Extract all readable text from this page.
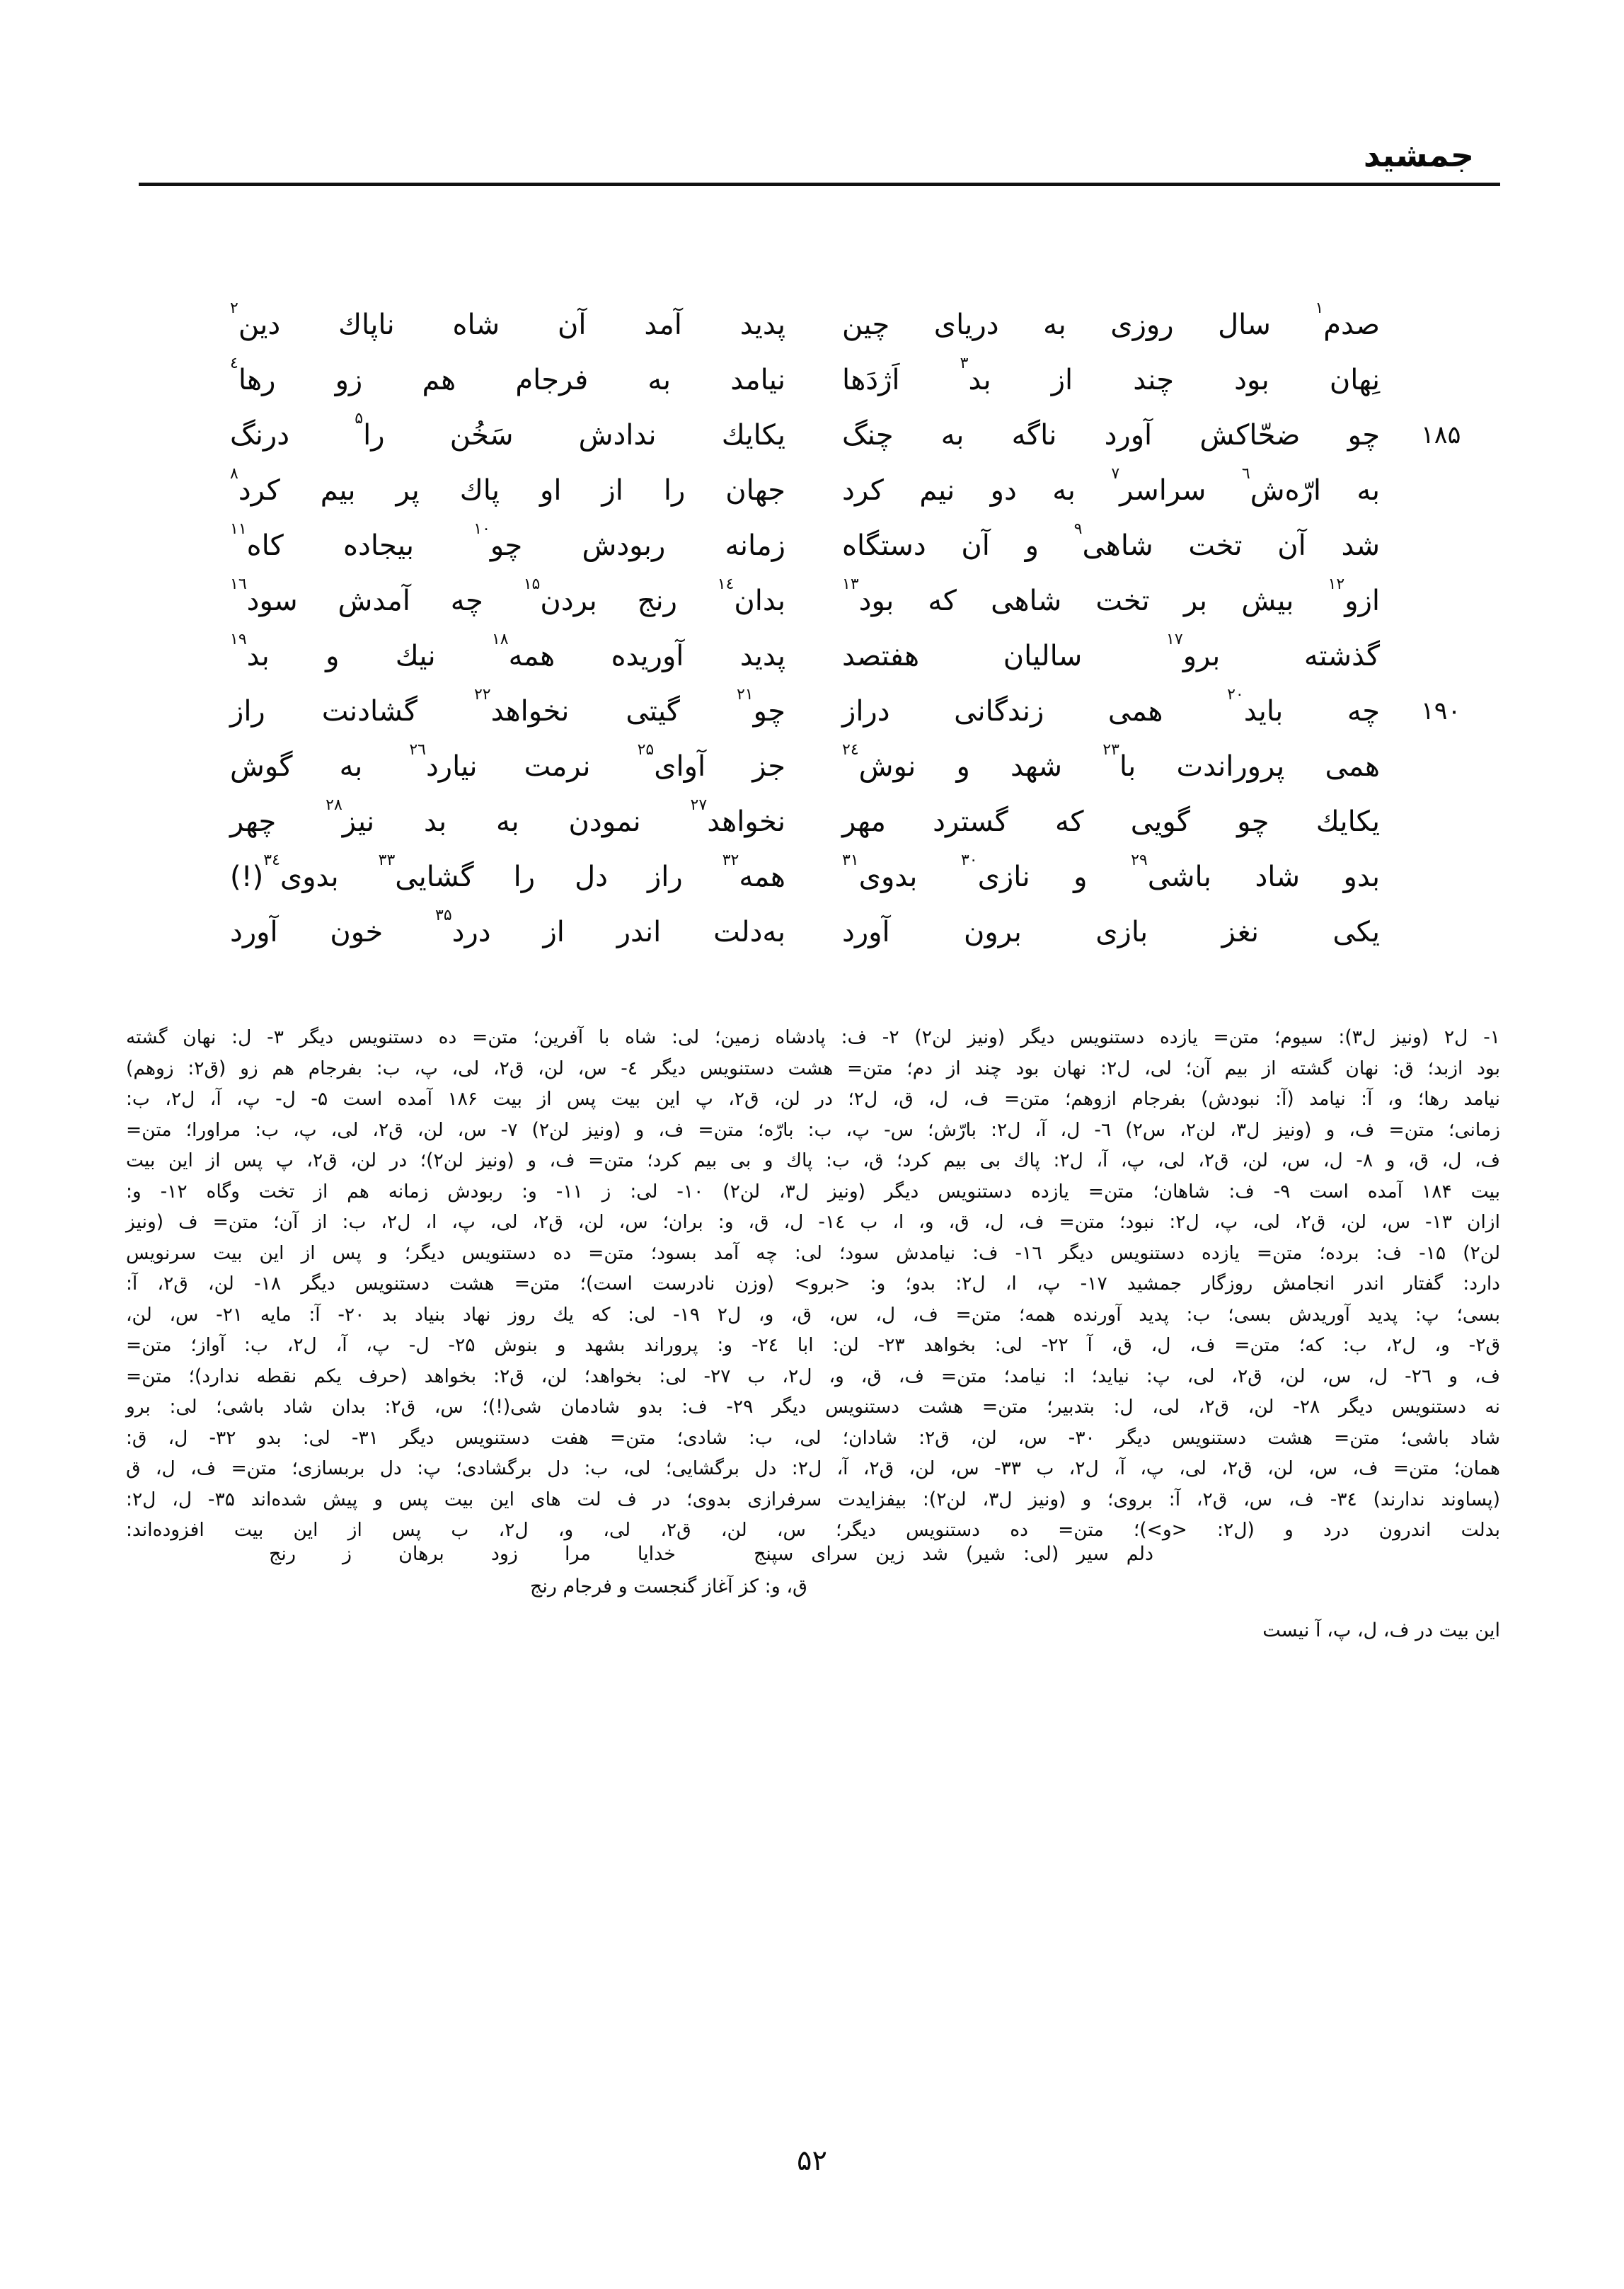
جمشید
صدم$^۱$ سال روزی به دریای چین
پدید آمد آن شاه ناپاك دین$^۲$
نِهان بود چند از بد$^۳$ اَژدَها
نیامد به فرجام هم زو رها$^٤$
۱۸۵
چو ضحّاکش آورد ناگه به چنگ
یکایك ندادش سَخُن را$^۵$ درنگ
به ارّه‌ش$^٦$ سراسر$^۷$ به دو نیم کرد
جهان را از او پاك پر بیم کرد$^۸$
شد آن تخت شاهی$^۹$ و آن دستگاه
زمانه ربودش چو$^{۱۰}$ بیجاده کاه$^{۱۱}$
ازو$^{۱۲}$ بیش بر تخت شاهی که بود$^{۱۳}$
بدان$^{۱٤}$ رنج بردن$^{۱۵}$ چه آمدش سود$^{۱٦}$
گذشته برو$^{۱۷}$ سالیان هفتصد
پدید آوریده همه$^{۱۸}$ نیك و بد$^{۱۹}$
۱۹۰
چه باید$^{۲۰}$ همی زندگانی دراز
چو$^{۲۱}$ گیتی نخواهد$^{۲۲}$ گشادنت راز
همی پروراندت با$^{۲۳}$ شهد و نوش$^{۲٤}$
جز آوای$^{۲۵}$ نرمت نیارد$^{۲٦}$ به گوش
یکایك چو گویی که گسترد مهر
نخواهد$^{۲۷}$ نمودن به بد نیز$^{۲۸}$ چهر
بدو شاد باشی$^{۲۹}$ و نازی$^{۳۰}$ بدوی$^{۳۱}$
همه$^{۳۲}$ راز دل را گشایی$^{۳۳}$ بدوی$^{۳٤}$(!)
یکی نغز بازی برون آورد
به‌دلت اندر از درد$^{۳۵}$ خون آورد
۱- ل۲ (ونیز ل۳): سیوم؛ متن= یازده دستنویس دیگر (ونیز لن۲) ۲- ف: پادشاه زمین؛ لی: شاه با آفرین؛ متن= ده دستنویس دیگر ۳- ل: نهان گشته
بود ازبد؛ ق: نهان گشته از بیم آن؛ لی، ل۲: نهان بود چند از دم؛ متن= هشت دستنویس دیگر ٤- س، لن، ق۲، لی، پ، ب: بفرجام هم زو (ق۲: زوهم)
نیامد رها؛ و، آ: نیامد (آ: نبودش) بفرجام ازوهم؛ متن= ف، ل، ق، ل۲؛ در لن، ق۲، پ این بیت پس از بیت ۱۸۶ آمده است ۵- ل- پ، آ، ل۲، ب:
زمانی؛ متن= ف، و (ونیز ل۳، لن۲، س۲) ٦- ل، آ، ل۲: بارّش؛ س- پ، ب: بارّه؛ متن= ف، و (ونیز لن۲) ۷- س، لن، ق۲، لی، پ، ب: مراورا؛ متن=
ف، ل، ق، و ۸- ل، س، لن، ق۲، لی، پ، آ، ل۲: پاك بی بیم کرد؛ ق، ب: پاك و بی بیم کرد؛ متن= ف، و (ونیز لن۲)؛ در لن، ق۲، پ پس از این بیت
بیت ۱۸۴ آمده است ۹- ف: شاهان؛ متن= یازده دستنویس دیگر (ونیز ل۳، لن۲) ۱۰- لی: ز ۱۱- و: ربودش زمانه هم از تخت وگاه ۱۲- و:
ازان ۱۳- س، لن، ق۲، لی، پ، ل۲: نبود؛ متن= ف، ل، ق، و، ا، ب ۱٤- ل، ق، و: بران؛ س، لن، ق۲، لی، پ، ا، ل۲، ب: از آن؛ متن= ف (ونیز
لن۲) ۱۵- ف: برده؛ متن= یازده دستنویس دیگر ۱٦- ف: نیامدش سود؛ لی: چه آمد بسود؛ متن= ده دستنویس دیگر؛ و پس از این بیت سرنویس
دارد: گفتار اندر انجامش روزگار جمشید ۱۷- پ، ا، ل۲: بدو؛ و: <برو> (وزن نادرست است)؛ متن= هشت دستنویس دیگر ۱۸- لن، ق۲، آ:
بسی؛ پ: پدید آوریدش بسی؛ ب: پدید آورنده همه؛ متن= ف، ل، س، ق، و، ل۲ ۱۹- لی: که یك روز نهاد بنیاد بد ۲۰- آ: مایه ۲۱- س، لن،
ق۲- و، ل۲، ب: که؛ متن= ف، ل، ق، آ ۲۲- لی: بخواهد ۲۳- لن: ابا ۲٤- و: پروراند بشهد و بنوش ۲۵- ل- پ، آ، ل۲، ب: آواز؛ متن=
ف، و ۲٦- ل، س، لن، ق۲، لی، پ: نیاید؛ ا: نیامد؛ متن= ف، ق، و، ل۲، ب ۲۷- لی: بخواهد؛ لن، ق۲: بخواهد (حرف یکم نقطه ندارد)؛ متن=
نه دستنویس دیگر ۲۸- لن، ق۲، لی، ل: بتدبیر؛ متن= هشت دستنویس دیگر ۲۹- ف: بدو شادمان شی(!)؛ س، ق۲: بدان شاد باشی؛ لی: برو
شاد باشی؛ متن= هشت دستنویس دیگر ۳۰- س، لن، ق۲: شادان؛ لی، ب: شادی؛ متن= هفت دستنویس دیگر ۳۱- لی: بدو ۳۲- ل، ق:
همان؛ متن= ف، س، لن، ق۲، لی، پ، آ، ل۲، ب ۳۳- س، لن، ق۲، آ، ل۲: دل برگشایی؛ لی، ب: دل برگشادی؛ پ: دل بربسازی؛ متن= ف، ل، ق
(پساوند ندارند) ۳٤- ف، س، ق۲، آ: بروی؛ و (ونیز ل۳، لن۲): بیفزایدت سرفرازی بدوی؛ در ف لت های این بیت پس و پیش شده‌اند ۳۵- ل، ل۲:
بدلت اندرون درد و (ل۲: <و>)؛ متن= ده دستنویس دیگر؛ س، لن، ق۲، لی، و، ل۲، ب پس از این بیت افزوده‌اند:
دلم سیر (لی: شیر) شد زین سرای سپنج
خدایا مرا زود برهان ز رنج
ق، و: کز آغاز گنجست و فرجام رنج
این بیت در ف، ل، پ، آ نیست
۵۲
